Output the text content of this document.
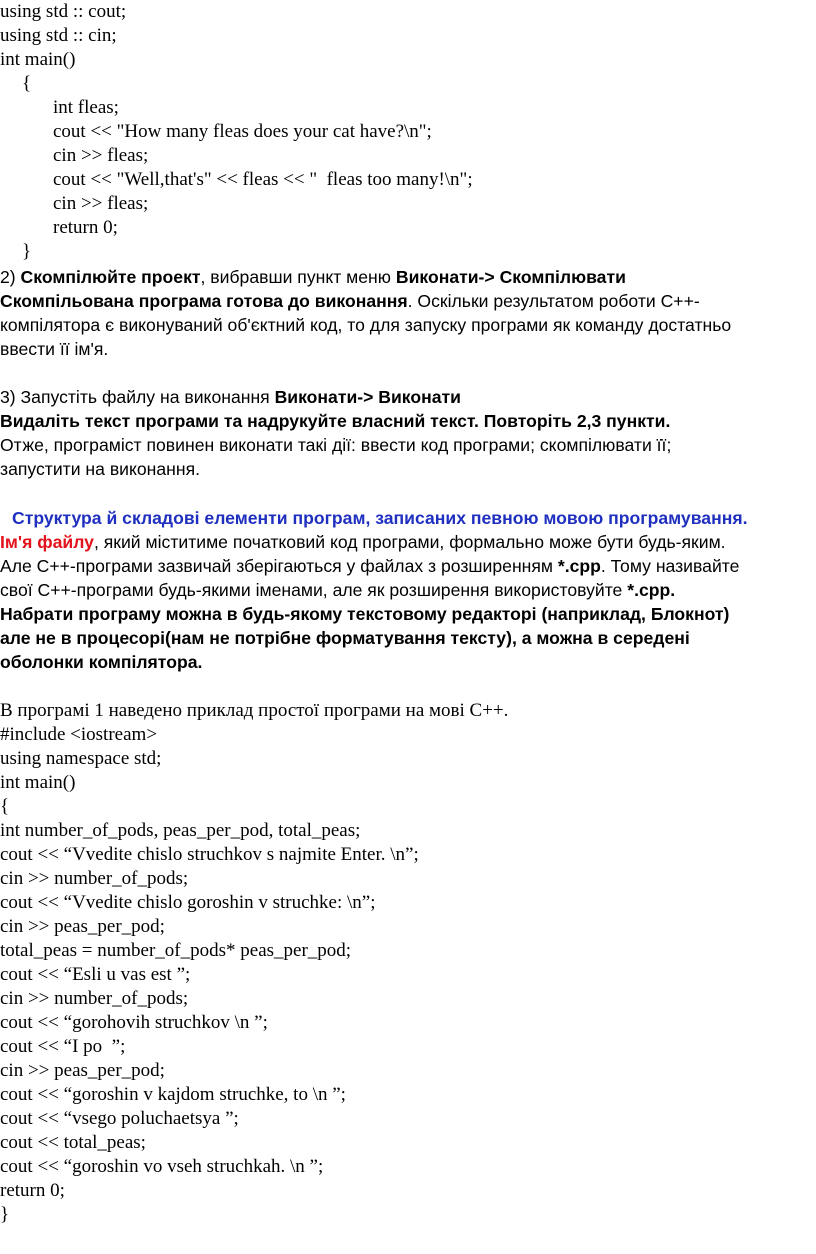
using std :: cout;
using std :: cin;
int main()
{
int fleas;
cout << "How many fleas does your cat have?\n";
cin >> fleas;
cout << "Well,that's" << fleas << "  fleas too many!\n";
cin >> fleas;
return 0;
}
2) Скомпілюйте проект, вибравши пункт меню Виконати-> Скомпілювати
Скомпільована програма готова до виконання. Оскільки результатом роботи С++-
компілятора є виконуваний об'єктний код, то для запуску програми як команду достатньо
ввести її ім'я.
3) Запустіть файлу на виконання Виконати-> Виконати
Видаліть текст програми та надрукуйте власний текст. Повторіть 2,3 пункти.
Отже, програміст повинен виконати такі дії: ввести код програми; скомпілювати її;
запустити на виконання.
Структура й складові елементи програм, записаних певною мовою програмування.
Ім'я файлу, який міститиме початковий код програми, формально може бути будь-яким.
Але С++-програми зазвичай зберігаються у файлах з розширенням *.срр. Тому називайте
свої С++-програми будь-якими іменами, але як розширення використовуйте *.срр.
Набрати програму можна в будь-якому текстовому редакторі (наприклад, Блокнот)
але не в процесорі(нам не потрібне форматування тексту), а можна в середені
оболонки компілятора.
В програмі 1 наведено приклад простої програми на мові С++.
#include <iostream>
using namespace std;
int main()
{
int number_of_pods, peas_per_pod, total_peas;
cout << “Vvedite chislo struchkov s najmite Enter. \n”;
cin >> number_of_pods;
cout << “Vvedite chislo goroshin v struchke: \n”;
cin >> peas_per_pod;
total_peas = number_of_pods* peas_per_pod;
cout << “Esli u vas est ”;
cin >> number_of_pods;
cout << “gorohovih struchkov \n ”;
cout << “I po  ”;
cin >> peas_per_pod;
cout << “goroshin v kajdom struchke, to \n ”;
cout << “vsego poluchaetsya ”;
cout << total_peas;
cout << “goroshin vo vseh struchkah. \n ”;
return 0;
}
